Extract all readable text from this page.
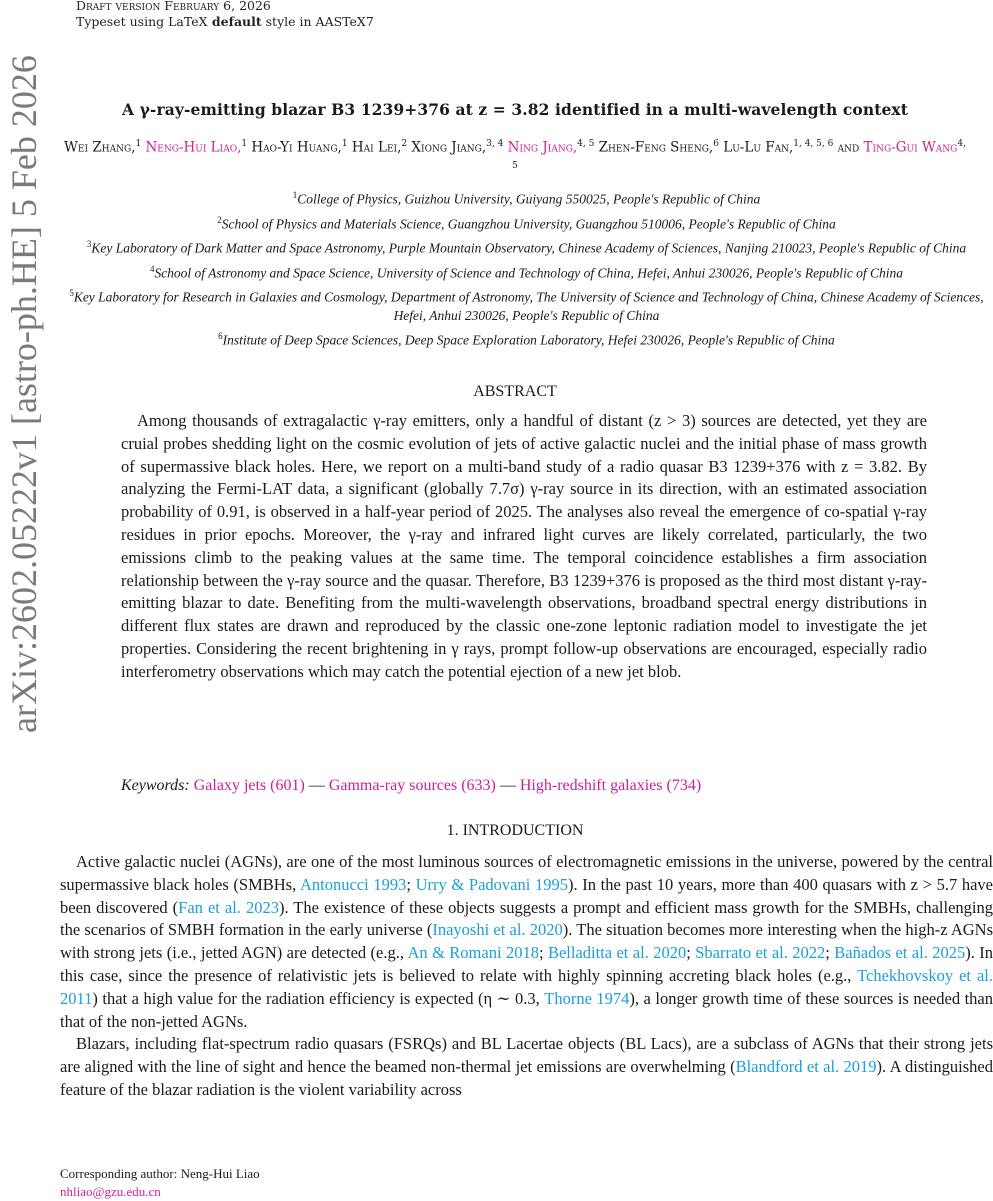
Draft version February 6, 2026
Typeset using LaTeX default style in AASTeX7
arXiv:2602.05222v1 [astro-ph.HE] 5 Feb 2026	A γ-ray-emitting blazar B3 1239+376 at z = 3.82 identified in a multi-wavelength context
Wei Zhang,$^1$ Neng-Hui Liao,$^1$ Hao-Yi Huang,$^1$ Hai Lei,$^2$ Xiong Jiang,$^{3, 4}$ Ning Jiang,$^{4, 5}$ Zhen-Feng Sheng,$^6$ Lu-Lu Fan,$^{1, 4, 5, 6}$ and Ting-Gui Wang$^{4, 5}$
$^1$College of Physics, Guizhou University, Guiyang 550025, People's Republic of China
$^2$School of Physics and Materials Science, Guangzhou University, Guangzhou 510006, People's Republic of China
$^3$Key Laboratory of Dark Matter and Space Astronomy, Purple Mountain Observatory, Chinese Academy of Sciences, Nanjing 210023, People's Republic of China
$^4$School of Astronomy and Space Science, University of Science and Technology of China, Hefei, Anhui 230026, People's Republic of China
$^5$Key Laboratory for Research in Galaxies and Cosmology, Department of Astronomy, The University of Science and Technology of China, Chinese Academy of Sciences, Hefei, Anhui 230026, People's Republic of China
$^6$Institute of Deep Space Sciences, Deep Space Exploration Laboratory, Hefei 230026, People's Republic of China
ABSTRACT

Among thousands of extragalactic γ-ray emitters, only a handful of distant (z > 3) sources are detected, yet they are cruial probes shedding light on the cosmic evolution of jets of active galactic nuclei and the initial phase of mass growth of supermassive black holes. Here, we report on a multi-band study of a radio quasar B3 1239+376 with z = 3.82. By analyzing the Fermi-LAT data, a significant (globally 7.7σ) γ-ray source in its direction, with an estimated association probability of 0.91, is observed in a half-year period of 2025. The analyses also reveal the emergence of co-spatial γ-ray residues in prior epochs. Moreover, the γ-ray and infrared light curves are likely correlated, particularly, the two emissions climb to the peaking values at the same time. The temporal coincidence establishes a firm association relationship between the γ-ray source and the quasar. Therefore, B3 1239+376 is proposed as the third most distant γ-ray-emitting blazar to date. Benefiting from the multi-wavelength observations, broadband spectral energy distributions in different flux states are drawn and reproduced by the classic one-zone leptonic radiation model to investigate the jet properties. Considering the recent brightening in γ rays, prompt follow-up observations are encouraged, especially radio interferometry observations which may catch the potential ejection of a new jet blob.

Keywords: Galaxy jets (601) — Gamma-ray sources (633) — High-redshift galaxies (734)
1. INTRODUCTION

Active galactic nuclei (AGNs), are one of the most luminous sources of electromagnetic emissions in the universe, powered by the central supermassive black holes (SMBHs, Antonucci 1993; Urry & Padovani 1995). In the past 10 years, more than 400 quasars with z > 5.7 have been discovered (Fan et al. 2023). The existence of these objects suggests a prompt and efficient mass growth for the SMBHs, challenging the scenarios of SMBH formation in the early universe (Inayoshi et al. 2020). The situation becomes more interesting when the high-z AGNs with strong jets (i.e., jetted AGN) are detected (e.g., An & Romani 2018; Belladitta et al. 2020; Sbarrato et al. 2022; Bañados et al. 2025). In this case, since the presence of relativistic jets is believed to relate with highly spinning accreting black holes (e.g., Tchekhovskoy et al. 2011) that a high value for the radiation efficiency is expected (η ∼ 0.3, Thorne 1974), a longer growth time of these sources is needed than that of the non-jetted AGNs.

Blazars, including flat-spectrum radio quasars (FSRQs) and BL Lacertae objects (BL Lacs), are a subclass of AGNs that their strong jets are aligned with the line of sight and hence the beamed non-thermal jet emissions are overwhelming (Blandford et al. 2019). A distinguished feature of the blazar radiation is the violent variability across

Corresponding author: Neng-Hui Liao
nhliao@gzu.edu.cn
